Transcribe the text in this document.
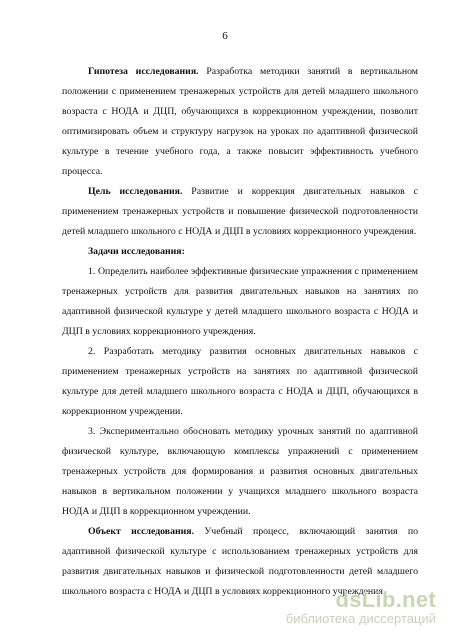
6

Гипотеза исследования. Разработка методики занятий в вертикальном положении с применением тренажерных устройств для детей младшего школьного возраста с НОДА и ДЦП, обучающихся в коррекционном учреждении, позволит оптимизировать объем и структуру нагрузок на уроках по адаптивной физической культуре в течение учебного года, а также повысит эффективность учебного процесса.

Цель исследования. Развитие и коррекция двигательных навыков с применением тренажерных устройств и повышение физической подготовленности детей младшего школьного с НОДА и ДЦП в условиях коррекционного учреждения.

Задачи исследования:

1. Определить наиболее эффективные физические упражнения с применением тренажерных устройств для развития двигательных навыков на занятиях по адаптивной физической культуре у детей младшего школьного возраста с НОДА и ДЦП в условиях коррекционного учреждения.

2. Разработать методику развития основных двигательных навыков с применением тренажерных устройств на занятиях по адаптивной физической культуре для детей младшего школьного возраста с НОДА и ДЦП, обучающихся в коррекционном учреждении.

3. Экспериментально обосновать методику урочных занятий по адаптивной физической культуре, включающую комплексы упражнений с применением тренажерных устройств для формирования и развития основных двигательных навыков в вертикальном положении у учащихся младшего школьного возраста НОДА и ДЦП в коррекционном учреждении.

Объект исследования. Учебный процесс, включающий занятия по адаптивной физической культуре с использованием тренажерных устройств для развития двигательных навыков и физической подготовленности детей младшего школьного возраста с НОДА и ДЦП в условиях коррекционного учреждения.

dsLib.net
библиотека диссертаций
